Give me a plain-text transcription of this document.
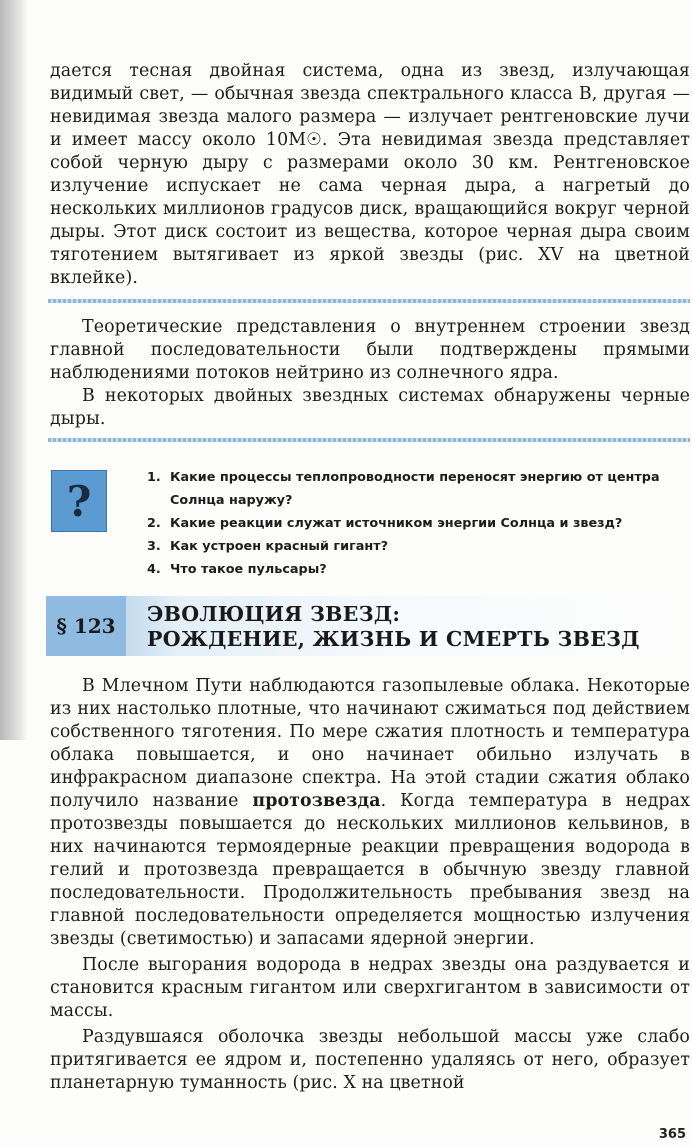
дается тесная двойная система, одна из звезд, излучающая видимый свет, — обычная звезда спектрального класса B, другая — невидимая звезда малого размера — излучает рентгеновские лучи и имеет массу около 10M☉. Эта невидимая звезда представляет собой черную дыру с размерами около 30 км. Рентгеновское излучение испускает не сама черная дыра, а нагретый до нескольких миллионов градусов диск, вращающийся вокруг черной дыры. Этот диск состоит из вещества, которое черная дыра своим тяготением вытягивает из яркой звезды (рис. XV на цветной вклейке).

Теоретические представления о внутреннем строении звезд главной последовательности были подтверждены прямыми наблюдениями потоков нейтрино из солнечного ядра.

В некоторых двойных звездных системах обнаружены черные дыры.

?	1. Какие процессы теплопроводности переносят энергию от центра Солнца наружу?
2. Какие реакции служат источником энергии Солнца и звезд?
3. Как устроен красный гигант?
4. Что такое пульсары?
§ 123	ЭВОЛЮЦИЯ ЗВЕЗД:
РОЖДЕНИЕ, ЖИЗНЬ И СМЕРТЬ ЗВЕЗД

В Млечном Пути наблюдаются газопылевые облака. Некоторые из них настолько плотные, что начинают сжиматься под действием собственного тяготения. По мере сжатия плотность и температура облака повышается, и оно начинает обильно излучать в инфракрасном диапазоне спектра. На этой стадии сжатия облако получило название протозвезда. Когда температура в недрах протозвезды повышается до нескольких миллионов кельвинов, в них начинаются термоядерные реакции превращения водорода в гелий и протозвезда превращается в обычную звезду главной последовательности. Продолжительность пребывания звезд на главной последовательности определяется мощностью излучения звезды (светимостью) и запасами ядерной энергии.

После выгорания водорода в недрах звезды она раздувается и становится красным гигантом или сверхгигантом в зависимости от массы.

Раздувшаяся оболочка звезды небольшой массы уже слабо притягивается ее ядром и, постепенно удаляясь от него, образует планетарную туманность (рис. X на цветной

365
